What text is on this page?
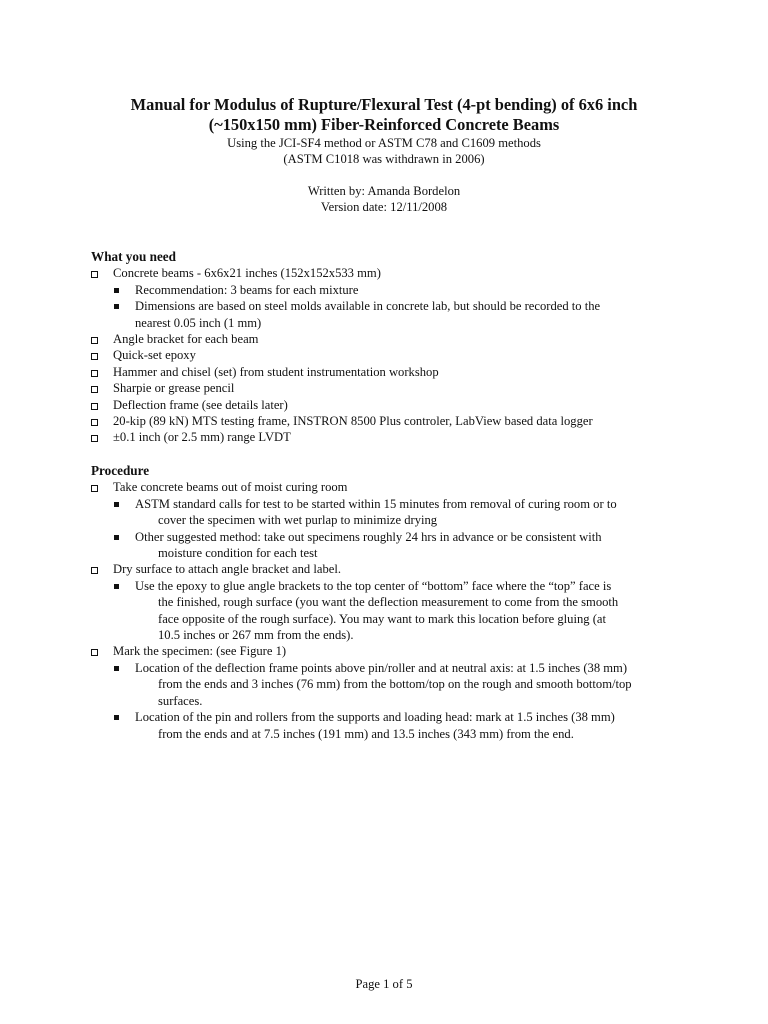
Manual for Modulus of Rupture/Flexural Test (4-pt bending) of 6x6 inch

(~150x150 mm) Fiber-Reinforced Concrete Beams

Using the JCI-SF4 method or ASTM C78 and C1609 methods

(ASTM C1018 was withdrawn in 2006)

Written by: Amanda Bordelon
Version date: 12/11/2008

What you need

Concrete beams - 6x6x21 inches (152x152x533 mm)
Recommendation: 3 beams for each mixture
Dimensions are based on steel molds available in concrete lab, but should be recorded to the
nearest 0.05 inch (1 mm)
Angle bracket for each beam
Quick-set epoxy
Hammer and chisel (set) from student instrumentation workshop
Sharpie or grease pencil
Deflection frame (see details later)
20-kip (89 kN) MTS testing frame, INSTRON 8500 Plus controler, LabView based data logger
±0.1 inch (or 2.5 mm) range LVDT

Procedure

Take concrete beams out of moist curing room
ASTM standard calls for test to be started within 15 minutes from removal of curing room or to
cover the specimen with wet purlap to minimize drying
Other suggested method: take out specimens roughly 24 hrs in advance or be consistent with
moisture condition for each test
Dry surface to attach angle bracket and label.
Use the epoxy to glue angle brackets to the top center of “bottom” face where the “top” face is
the finished, rough surface (you want the deflection measurement to come from the smooth
face opposite of the rough surface). You may want to mark this location before gluing (at
10.5 inches or 267 mm from the ends).
Mark the specimen: (see Figure 1)
Location of the deflection frame points above pin/roller and at neutral axis: at 1.5 inches (38 mm)
from the ends and 3 inches (76 mm) from the bottom/top on the rough and smooth bottom/top
surfaces.
Location of the pin and rollers from the supports and loading head: mark at 1.5 inches (38 mm)
from the ends and at 7.5 inches (191 mm) and 13.5 inches (343 mm) from the end.
Page 1 of 5
